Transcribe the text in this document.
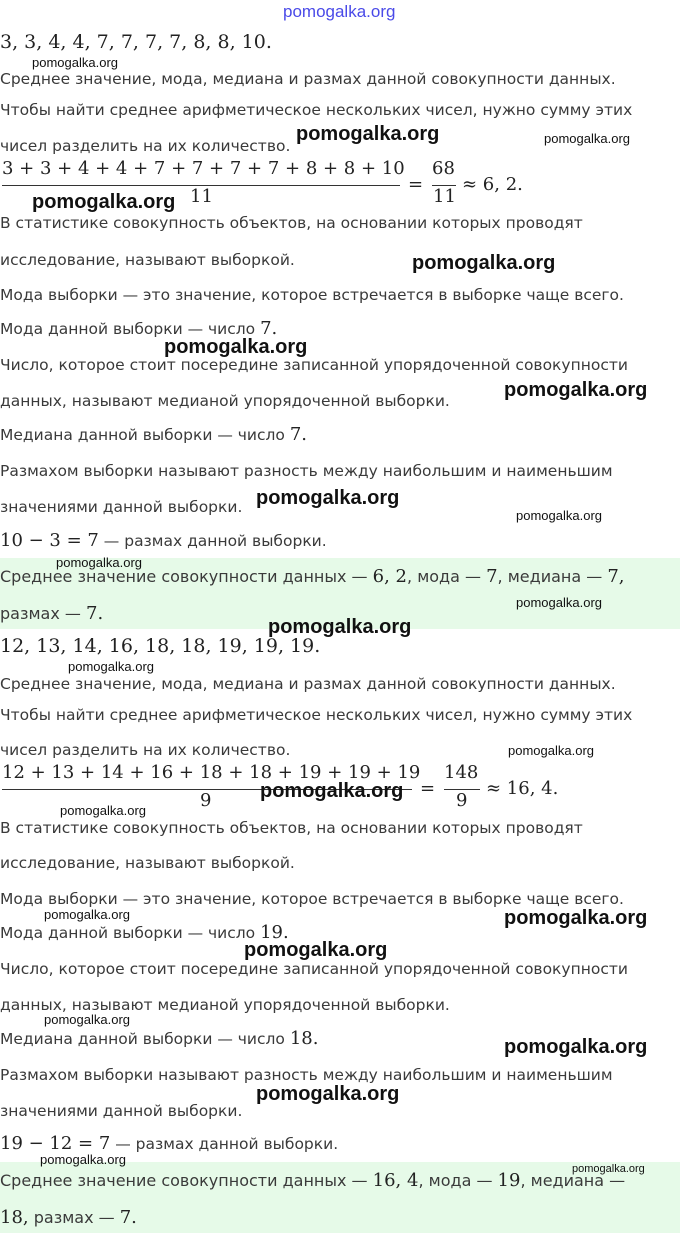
pomogalka.org
3, 3, 4, 4, 7, 7, 7, 7, 8, 8, 10.
Среднее значение, мода, медиана и размах данной совокупности данных.
Чтобы найти среднее арифметическое нескольких чисел, нужно сумму этих
чисел разделить на их количество.
3 + 3 + 4 + 4 + 7 + 7 + 7 + 7 + 8 + 8 + 10
11
=
68
11
≈ 6, 2.
В статистике совокупность объектов, на основании которых проводят
исследование, называют выборкой.
Мода выборки — это значение, которое встречается в выборке чаще всего.
Мода данной выборки — число 7.
Число, которое стоит посередине записанной упорядоченной совокупности
данных, называют медианой упорядоченной выборки.
Медиана данной выборки — число 7.
Размахом выборки называют разность между наибольшим и наименьшим
значениями данной выборки.
10 − 3 = 7 — размах данной выборки.
Среднее значение совокупности данных — 6, 2, мода — 7, медиана — 7,
размах — 7.
12, 13, 14, 16, 18, 18, 19, 19, 19.
Среднее значение, мода, медиана и размах данной совокупности данных.
Чтобы найти среднее арифметическое нескольких чисел, нужно сумму этих
чисел разделить на их количество.
12 + 13 + 14 + 16 + 18 + 18 + 19 + 19 + 19
9
=
148
9
≈ 16, 4.
В статистике совокупность объектов, на основании которых проводят
исследование, называют выборкой.
Мода выборки — это значение, которое встречается в выборке чаще всего.
Мода данной выборки — число 19.
Число, которое стоит посередине записанной упорядоченной совокупности
данных, называют медианой упорядоченной выборки.
Медиана данной выборки — число 18.
Размахом выборки называют разность между наибольшим и наименьшим
значениями данной выборки.
19 − 12 = 7 — размах данной выборки.
Среднее значение совокупности данных — 16, 4, мода — 19, медиана —
18, размах — 7.
pomogalka.org
pomogalka.org	pomogalka.org
pomogalka.org
pomogalka.org
pomogalka.org
pomogalka.org
pomogalka.org
pomogalka.org
pomogalka.org
pomogalka.org
pomogalka.org
pomogalka.org
pomogalka.org
pomogalka.org
pomogalka.org
pomogalka.org	pomogalka.org
pomogalka.org
pomogalka.org
pomogalka.org
pomogalka.org
pomogalka.org
pomogalka.org
